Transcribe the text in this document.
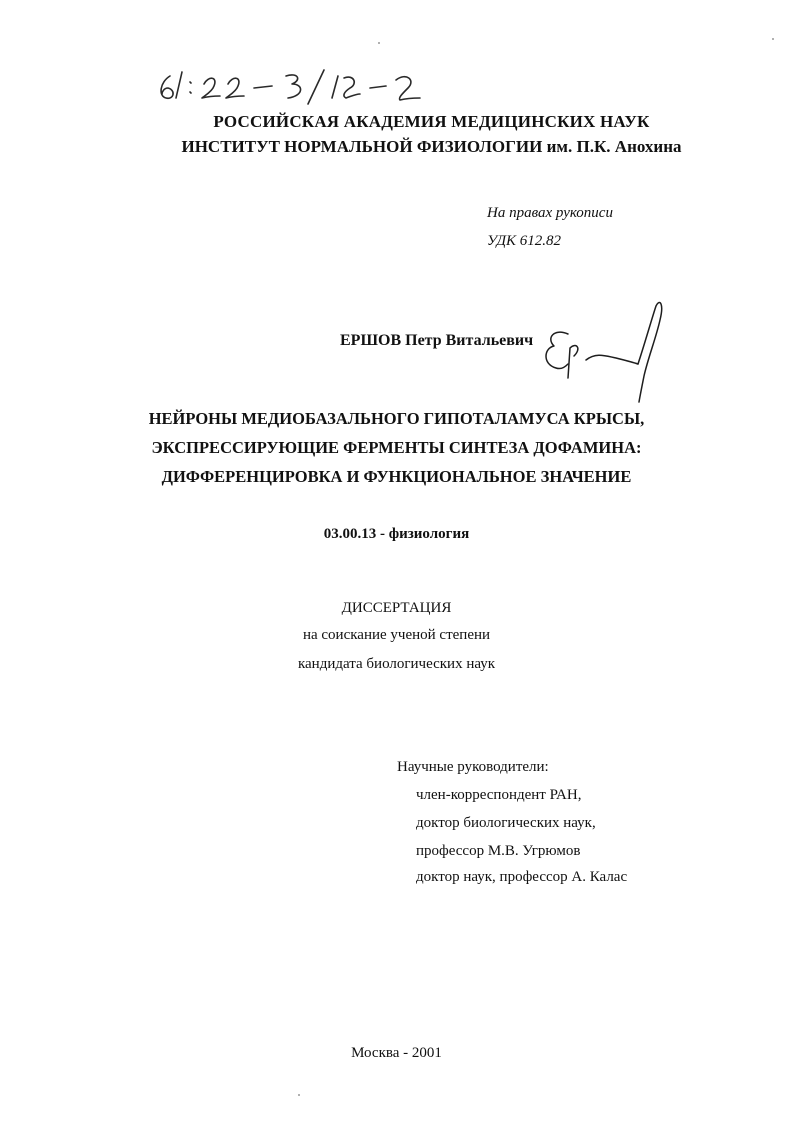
РОССИЙСКАЯ АКАДЕМИЯ МЕДИЦИНСКИХ НАУК

ИНСТИТУТ НОРМАЛЬНОЙ ФИЗИОЛОГИИ им. П.К. Анохина

На правах рукописи

УДК 612.82

ЕРШОВ Петр Витальевич

НЕЙРОНЫ МЕДИОБАЗАЛЬНОГО ГИПОТАЛАМУСА КРЫСЫ,
ЭКСПРЕССИРУЮЩИЕ ФЕРМЕНТЫ СИНТЕЗА ДОФАМИНА:
ДИФФЕРЕНЦИРОВКА И ФУНКЦИОНАЛЬНОЕ ЗНАЧЕНИЕ

03.00.13 - физиология

ДИССЕРТАЦИЯ

на соискание ученой степени

кандидата биологических наук

Научные руководители:

член-корреспондент РАН,

доктор биологических наук,

профессор М.В. Угрюмов

доктор наук, профессор А. Калас

Москва - 2001
